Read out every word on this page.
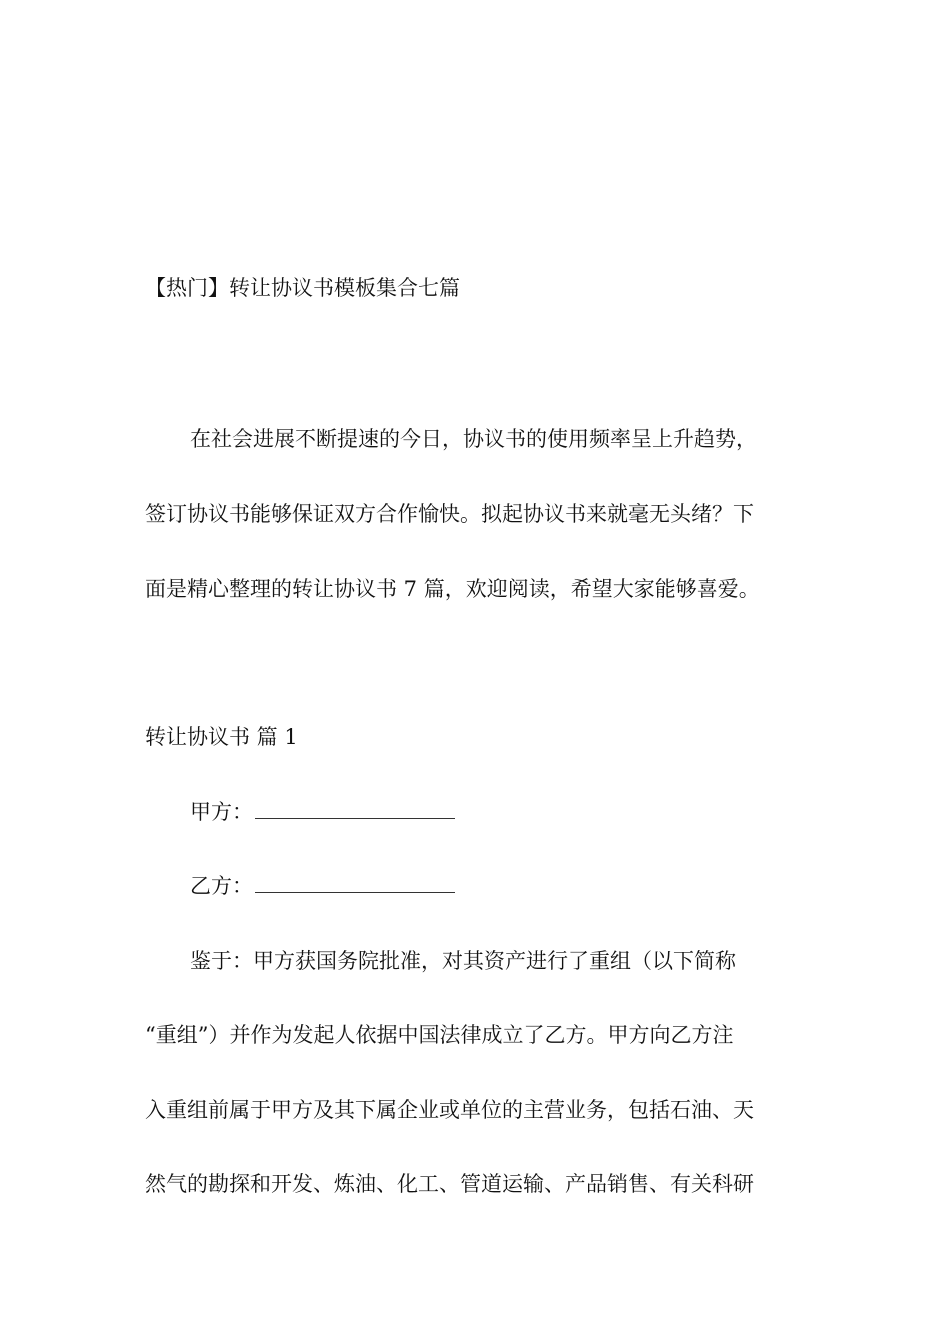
【热门】转让协议书模板集合七篇

在社会进展不断提速的今日，协议书的使用频率呈上升趋势，

签订协议书能够保证双方合作愉快。拟起协议书来就毫无头绪？下

面是精心整理的转让协议书 7 篇，欢迎阅读，希望大家能够喜爱。

转让协议书 篇 1

甲方：
乙方：

鉴于：甲方获国务院批准，对其资产进行了重组（以下简称

“重组”）并作为发起人依据中国法律成立了乙方。甲方向乙方注

入重组前属于甲方及其下属企业或单位的主营业务，包括石油、天

然气的勘探和开发、炼油、化工、管道运输、产品销售、有关科研
